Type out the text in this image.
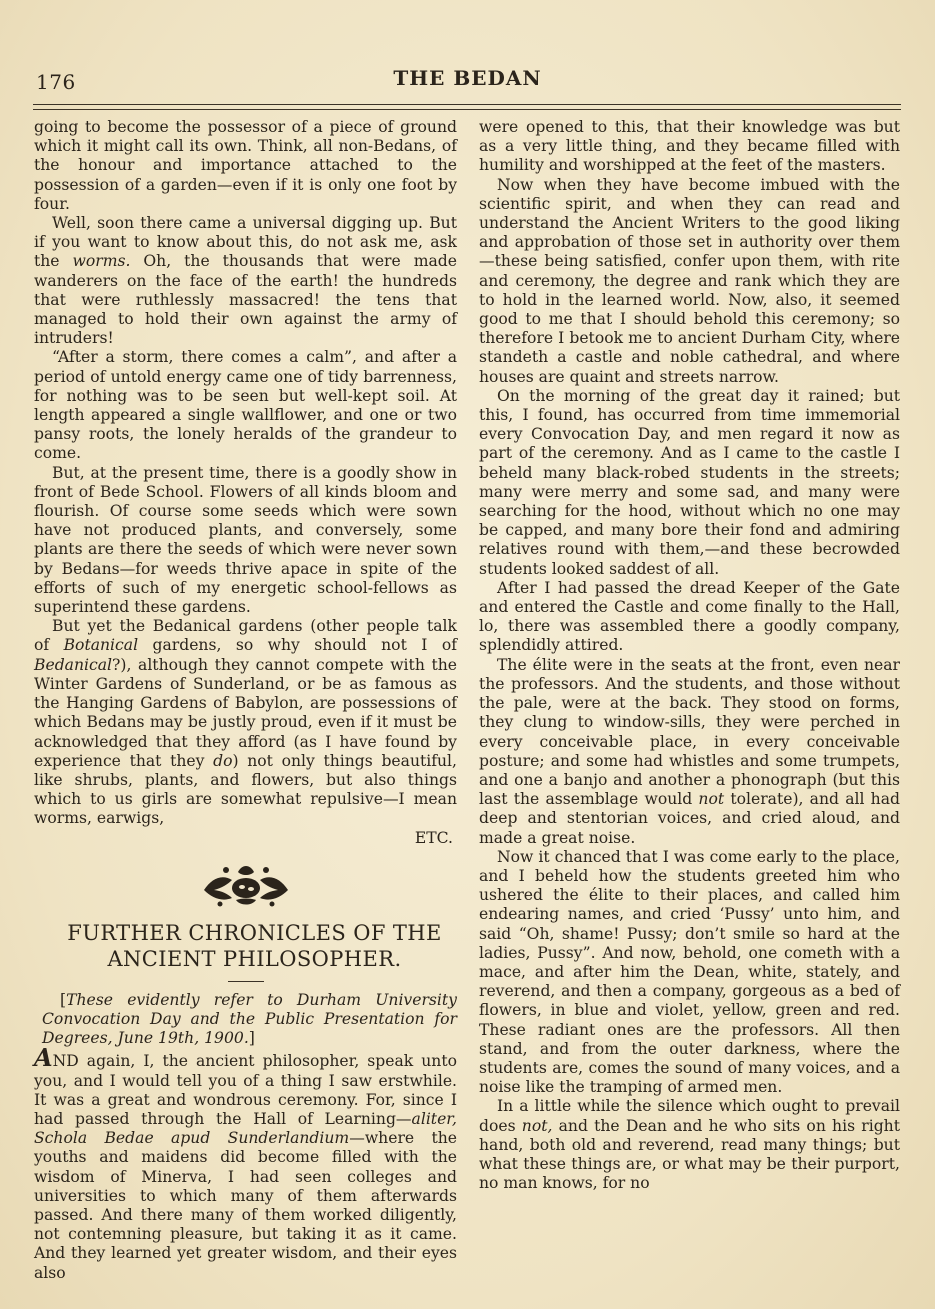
176	THE BEDAN

going to become the possessor of a piece of ground which it might call its own. Think, all non-Bedans, of the honour and importance attached to the possession of a garden—even if it is only one foot by four.

Well, soon there came a universal digging up. But if you want to know about this, do not ask me, ask the worms. Oh, the thousands that were made wanderers on the face of the earth! the hundreds that were ruthlessly massacred! the tens that managed to hold their own against the army of intruders!

“After a storm, there comes a calm”, and after a period of untold energy came one of tidy barrenness, for nothing was to be seen but well-kept soil. At length appeared a single wallflower, and one or two pansy roots, the lonely heralds of the grandeur to come.

But, at the present time, there is a goodly show in front of Bede School. Flowers of all kinds bloom and flourish. Of course some seeds which were sown have not produced plants, and conversely, some plants are there the seeds of which were never sown by Bedans—for weeds thrive apace in spite of the efforts of such of my energetic school-fellows as superintend these gardens.

But yet the Bedanical gardens (other people talk of Botanical gardens, so why should not I of Bedanical?), although they cannot compete with the Winter Gardens of Sunderland, or be as famous as the Hanging Gardens of Babylon, are possessions of which Bedans may be justly proud, even if it must be acknowledged that they afford (as I have found by experience that they do) not only things beautiful, like shrubs, plants, and flowers, but also things which to us girls are somewhat repulsive—I mean worms, earwigs,

ETC.

FURTHER CHRONICLES OF THE

ANCIENT PHILOSOPHER.

[These evidently refer to Durham University Convocation Day and the Public Presentation for Degrees, June 19th, 1900.]

AND again, I, the ancient philosopher, speak unto you, and I would tell you of a thing I saw erstwhile. It was a great and wondrous ceremony. For, since I had passed through the Hall of Learning—aliter, Schola Bedae apud Sunderlandium—where the youths and maidens did become filled with the wisdom of Minerva, I had seen colleges and universities to which many of them afterwards passed. And there many of them worked diligently, not contemning pleasure, but taking it as it came. And they learned yet greater wisdom, and their eyes also

were opened to this, that their knowledge was but as a very little thing, and they became filled with humility and worshipped at the feet of the masters.

Now when they have become imbued with the scientific spirit, and when they can read and understand the Ancient Writers to the good liking and approbation of those set in authority over them—these being satisfied, confer upon them, with rite and ceremony, the degree and rank which they are to hold in the learned world. Now, also, it seemed good to me that I should behold this ceremony; so therefore I betook me to ancient Durham City, where standeth a castle and noble cathedral, and where houses are quaint and streets narrow.

On the morning of the great day it rained; but this, I found, has occurred from time immemorial every Convocation Day, and men regard it now as part of the ceremony. And as I came to the castle I beheld many black-robed students in the streets; many were merry and some sad, and many were searching for the hood, without which no one may be capped, and many bore their fond and admiring relatives round with them,—and these becrowded students looked saddest of all.

After I had passed the dread Keeper of the Gate and entered the Castle and come finally to the Hall, lo, there was assembled there a goodly company, splendidly attired.

The élite were in the seats at the front, even near the professors. And the students, and those without the pale, were at the back. They stood on forms, they clung to window-sills, they were perched in every conceivable place, in every conceivable posture; and some had whistles and some trumpets, and one a banjo and another a phonograph (but this last the assemblage would not tolerate), and all had deep and stentorian voices, and cried aloud, and made a great noise.

Now it chanced that I was come early to the place, and I beheld how the students greeted him who ushered the élite to their places, and called him endearing names, and cried ‘Pussy’ unto him, and said “Oh, shame! Pussy; don’t smile so hard at the ladies, Pussy”. And now, behold, one cometh with a mace, and after him the Dean, white, stately, and reverend, and then a company, gorgeous as a bed of flowers, in blue and violet, yellow, green and red. These radiant ones are the professors. All then stand, and from the outer darkness, where the students are, comes the sound of many voices, and a noise like the tramping of armed men.

In a little while the silence which ought to prevail does not, and the Dean and he who sits on his right hand, both old and reverend, read many things; but what these things are, or what may be their purport, no man knows, for no
